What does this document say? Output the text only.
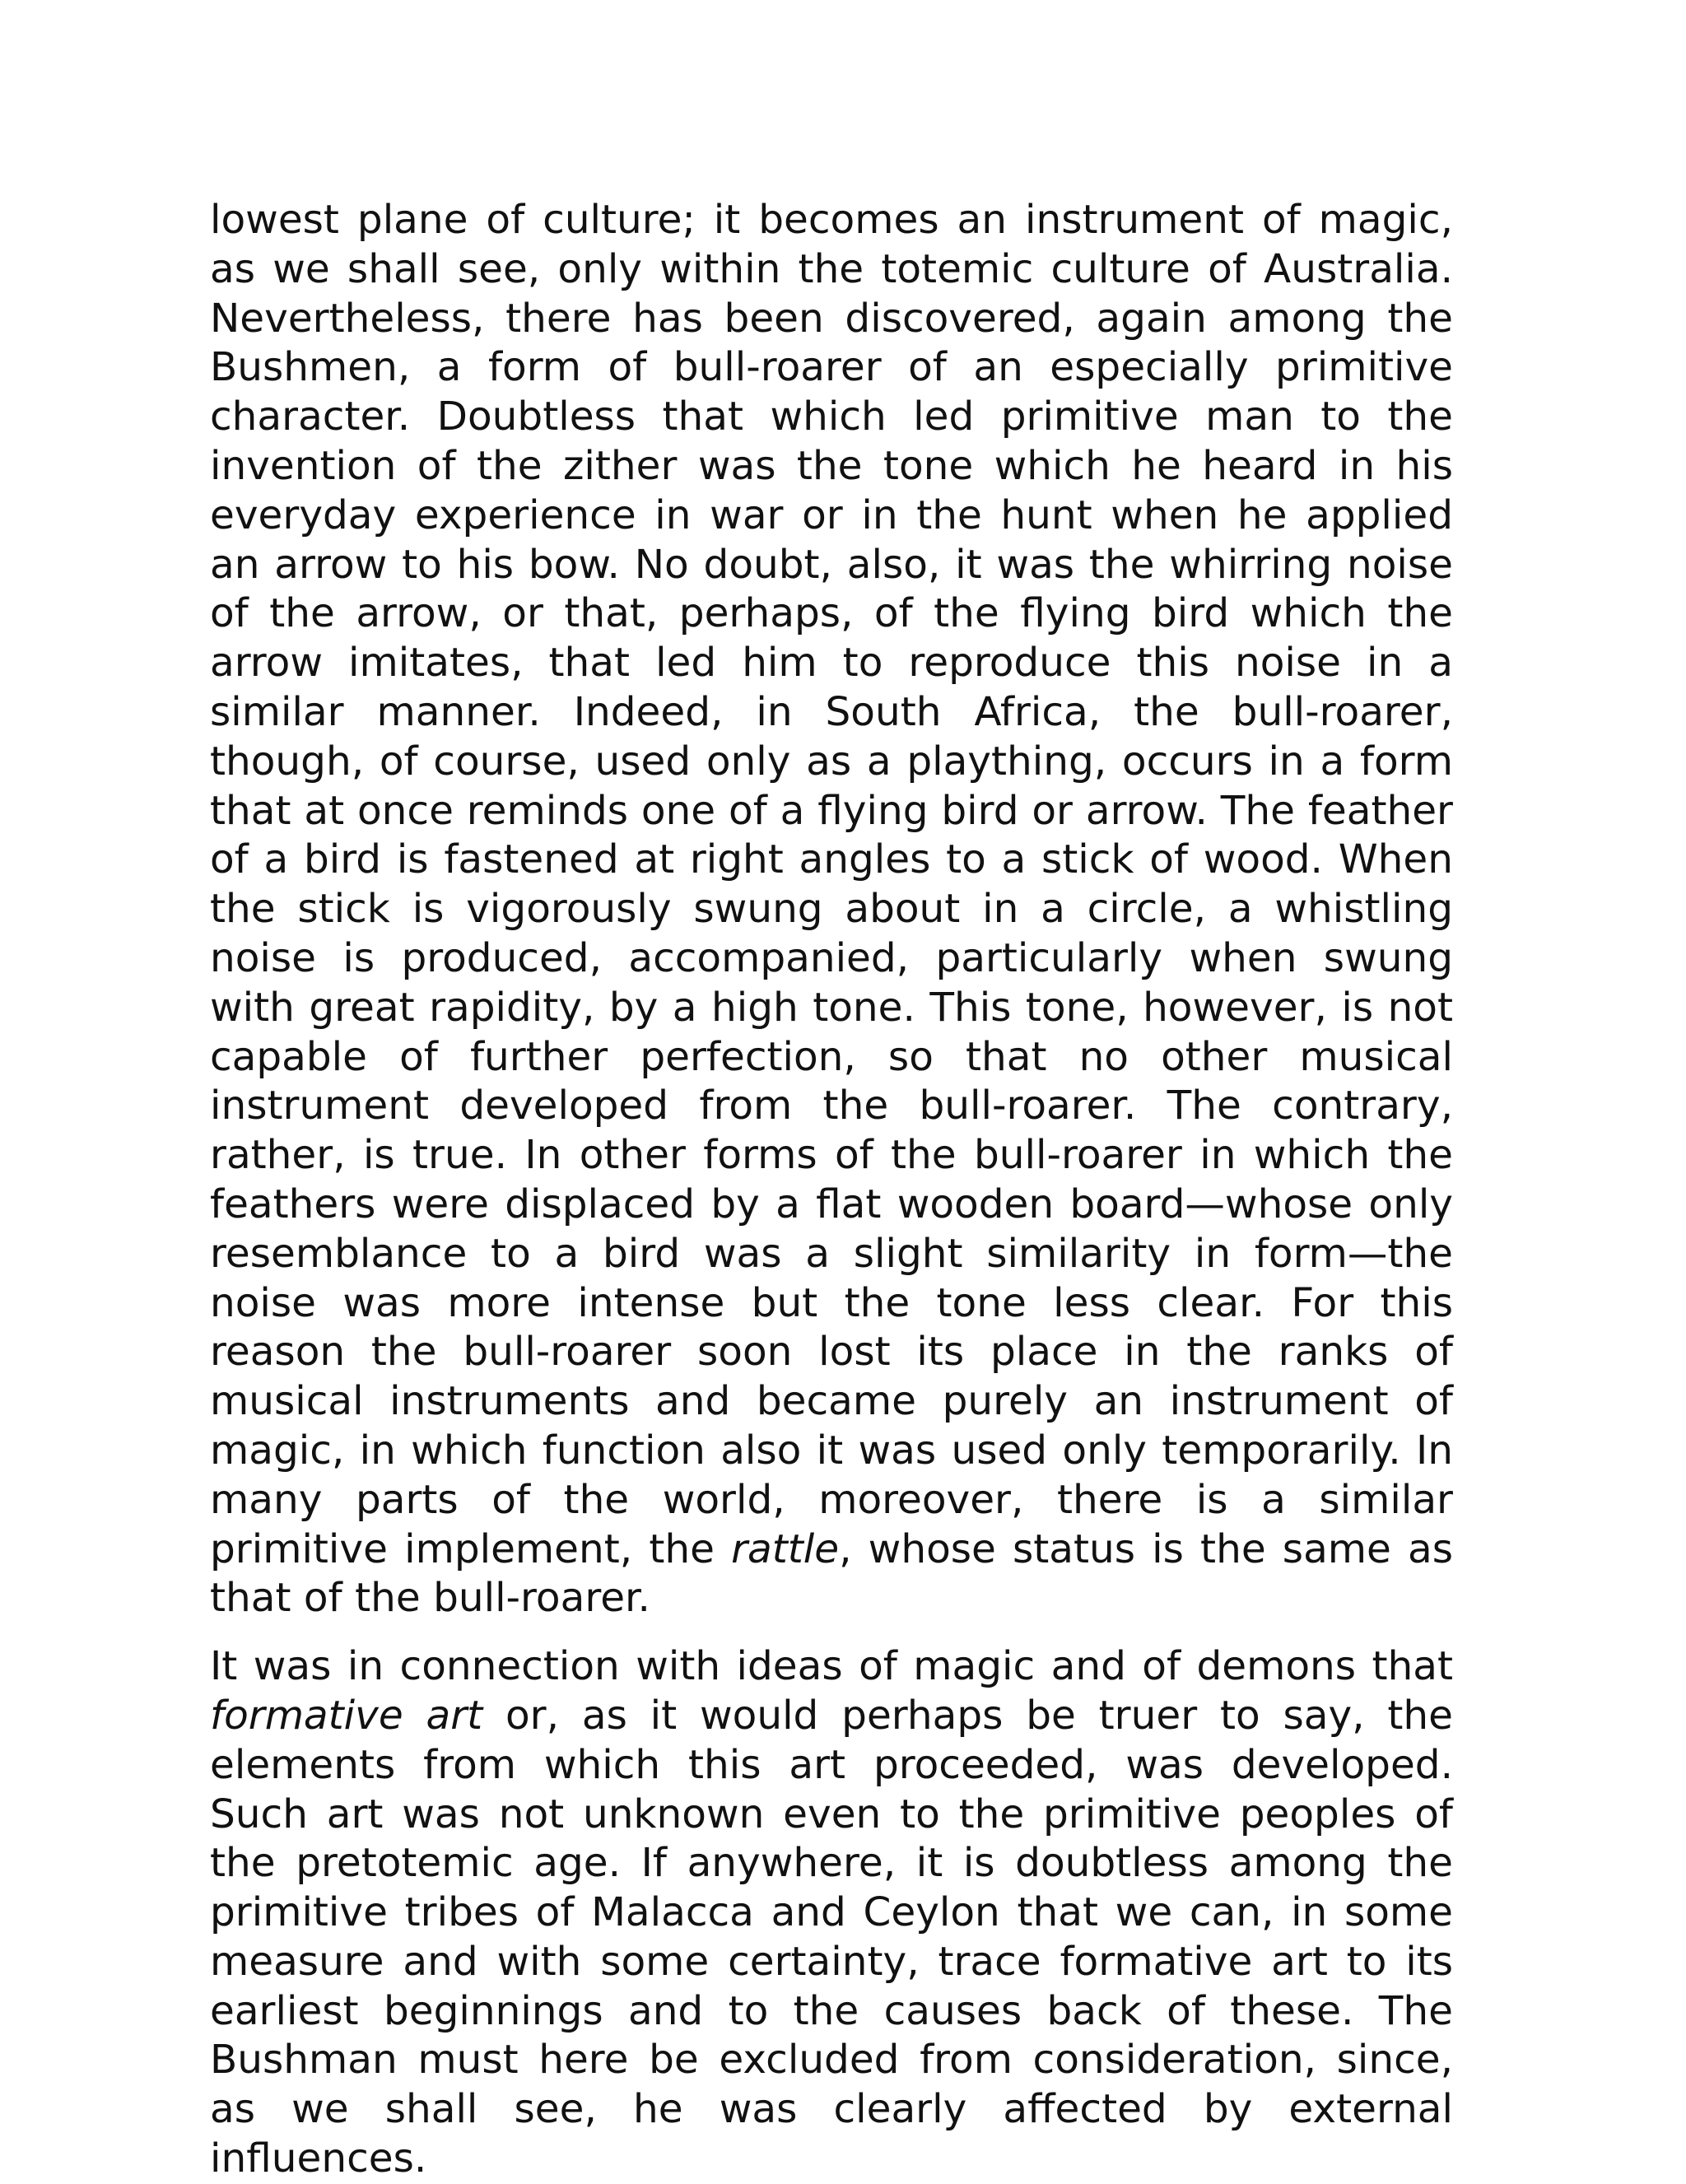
lowest plane of culture; it becomes an instrument of magic, as we shall see, only within the totemic culture of Australia. Nevertheless, there has been discovered, again among the Bushmen, a form of bull-roarer of an especially primitive character. Doubtless that which led primitive man to the invention of the zither was the tone which he heard in his everyday experience in war or in the hunt when he applied an arrow to his bow. No doubt, also, it was the whirring noise of the arrow, or that, perhaps, of the flying bird which the arrow imitates, that led him to reproduce this noise in a similar manner. Indeed, in South Africa, the bull-roarer, though, of course, used only as a plaything, occurs in a form that at once reminds one of a flying bird or arrow. The feather of a bird is fastened at right angles to a stick of wood. When the stick is vigorously swung about in a circle, a whistling noise is produced, accompanied, particularly when swung with great rapidity, by a high tone. This tone, however, is not capable of further perfection, so that no other musical instrument developed from the bull-roarer. The contrary, rather, is true. In other forms of the bull-roarer in which the feathers were displaced by a flat wooden board—whose only resemblance to a bird was a slight similarity in form—the noise was more intense but the tone less clear. For this reason the bull-roarer soon lost its place in the ranks of musical instruments and became purely an instrument of magic, in which function also it was used only temporarily. In many parts of the world, moreover, there is a similar primitive implement, the rattle, whose status is the same as that of the bull-roarer.

It was in connection with ideas of magic and of demons that formative art or, as it would perhaps be truer to say, the elements from which this art proceeded, was developed. Such art was not unknown even to the primitive peoples of the pretotemic age. If anywhere, it is doubtless among the primitive tribes of Malacca and Ceylon that we can, in some measure and with some certainty, trace formative art to its earliest beginnings and to the causes back of these. The Bushman must here be excluded from consideration, since, as we shall see, he was clearly affected by external influences.
